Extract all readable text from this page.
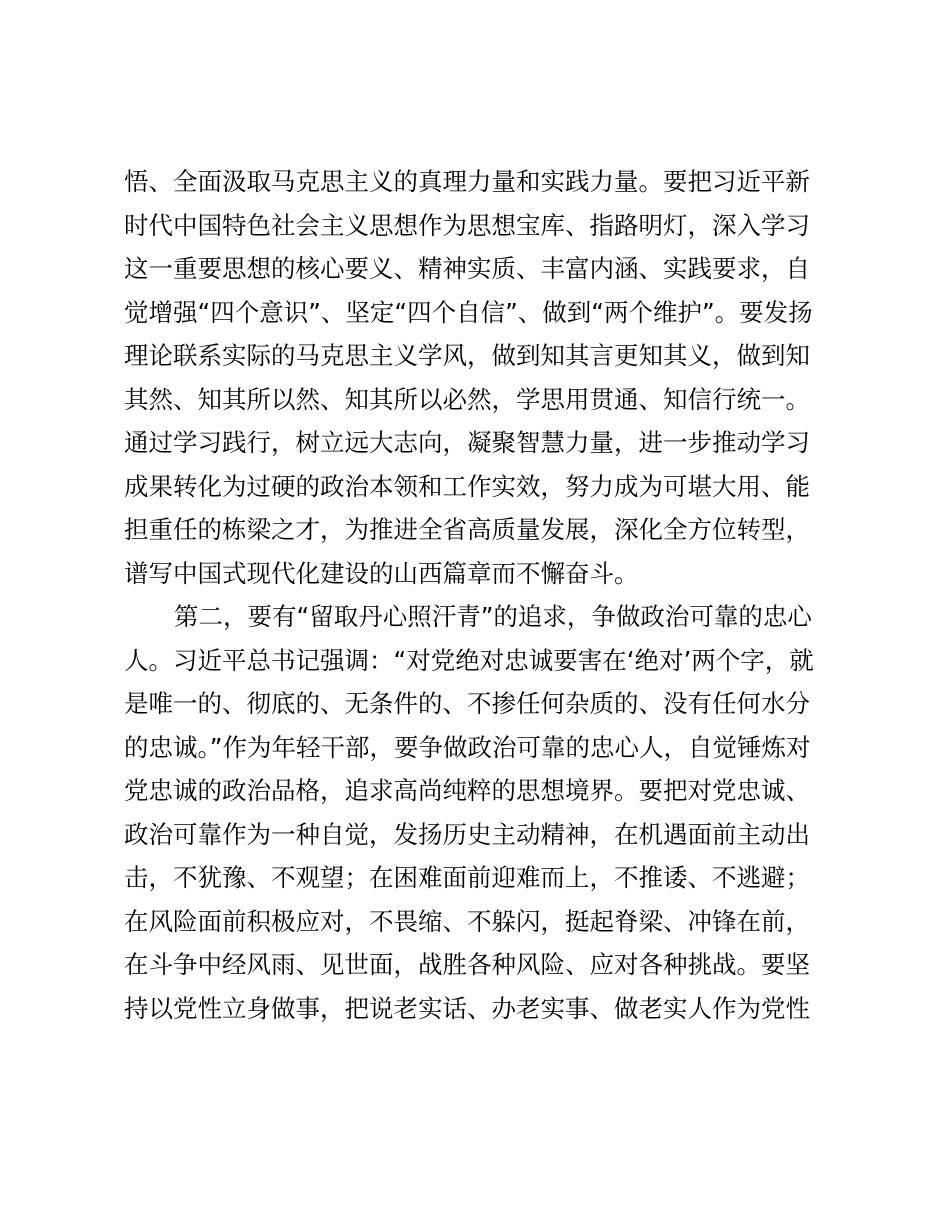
悟、全面汲取马克思主义的真理力量和实践力量。要把习近平新
时代中国特色社会主义思想作为思想宝库、指路明灯，深入学习
这一重要思想的核心要义、精神实质、丰富内涵、实践要求，自
觉增强“四个意识”、坚定“四个自信”、做到“两个维护”。要发扬
理论联系实际的马克思主义学风，做到知其言更知其义，做到知
其然、知其所以然、知其所以必然，学思用贯通、知信行统一。
通过学习践行，树立远大志向，凝聚智慧力量，进一步推动学习
成果转化为过硬的政治本领和工作实效，努力成为可堪大用、能
担重任的栋梁之才，为推进全省高质量发展，深化全方位转型，
谱写中国式现代化建设的山西篇章而不懈奋斗。
第二，要有“留取丹心照汗青”的追求，争做政治可靠的忠心
人。习近平总书记强调：“对党绝对忠诚要害在‘绝对’两个字，就
是唯一的、彻底的、无条件的、不掺任何杂质的、没有任何水分
的忠诚。”作为年轻干部，要争做政治可靠的忠心人，自觉锤炼对
党忠诚的政治品格，追求高尚纯粹的思想境界。要把对党忠诚、
政治可靠作为一种自觉，发扬历史主动精神，在机遇面前主动出
击，不犹豫、不观望；在困难面前迎难而上，不推诿、不逃避；
在风险面前积极应对，不畏缩、不躲闪，挺起脊梁、冲锋在前，
在斗争中经风雨、见世面，战胜各种风险、应对各种挑战。要坚
持以党性立身做事，把说老实话、办老实事、做老实人作为党性
